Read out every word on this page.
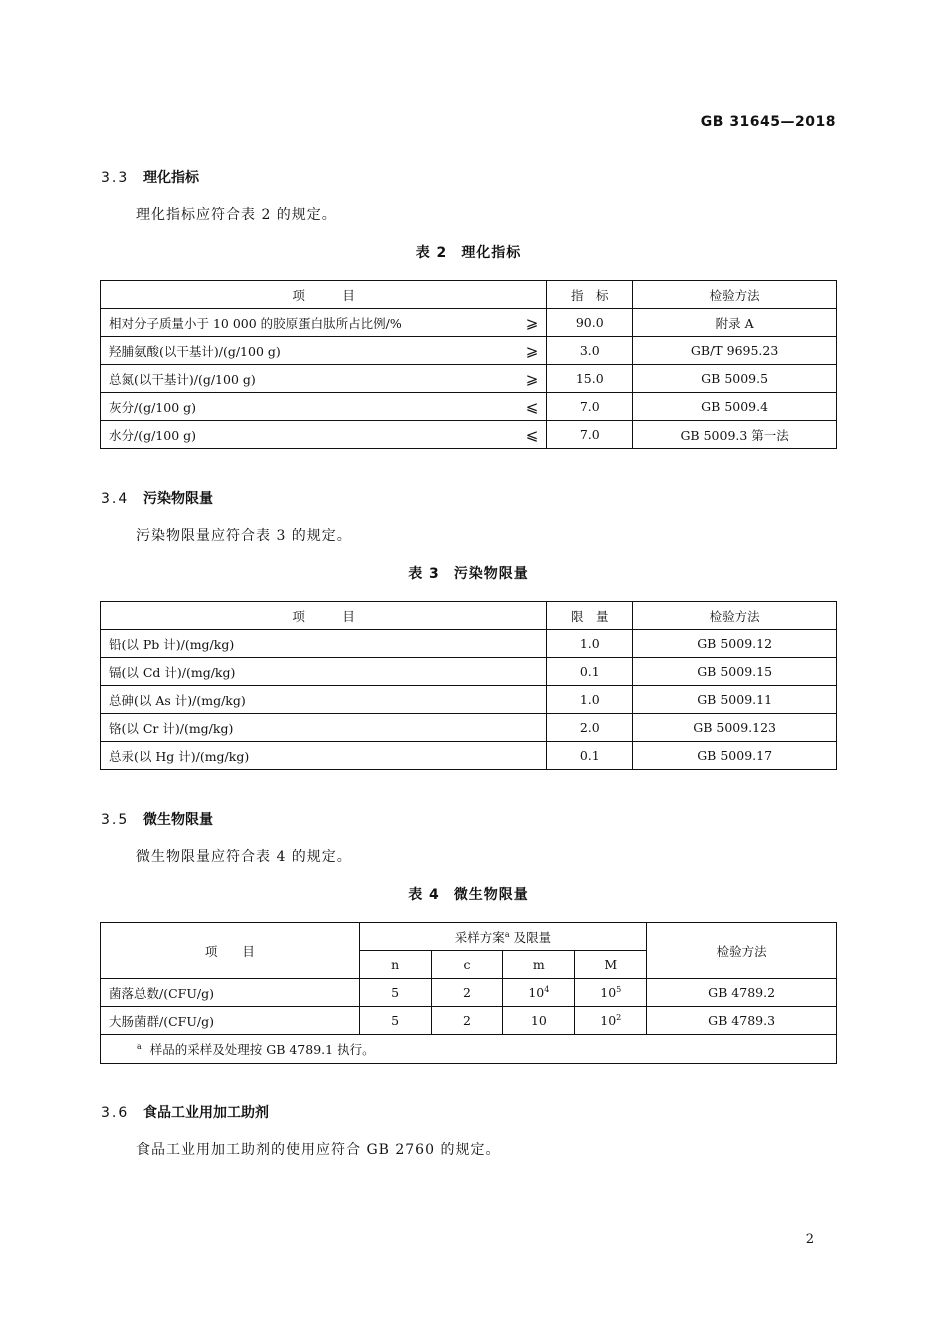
GB 31645—2018
3.3 理化指标
理化指标应符合表 2 的规定。
表 2 理化指标
项　　　目	指　标	检验方法
相对分子质量小于 10 000 的胶原蛋白肽所占比例/% ⩾	90.0	附录 A
羟脯氨酸(以干基计)/(g/100 g) ⩾	3.0	GB/T 9695.23
总氮(以干基计)/(g/100 g) ⩾	15.0	GB 5009.5
灰分/(g/100 g) ⩽	7.0	GB 5009.4
水分/(g/100 g) ⩽	7.0	GB 5009.3 第一法
3.4 污染物限量
污染物限量应符合表 3 的规定。
表 3 污染物限量
项　　　目	限　量	检验方法
铅(以 Pb 计)/(mg/kg)	1.0	GB 5009.12
镉(以 Cd 计)/(mg/kg)	0.1	GB 5009.15
总砷(以 As 计)/(mg/kg)	1.0	GB 5009.11
铬(以 Cr 计)/(mg/kg)	2.0	GB 5009.123
总汞(以 Hg 计)/(mg/kg)	0.1	GB 5009.17
3.5 微生物限量
微生物限量应符合表 4 的规定。
表 4 微生物限量
项　　目	采样方案$^a$ 及限量				检验方法
	n	c	m	M	
菌落总数/(CFU/g)	5	2	$10^4$	$10^5$	GB 4789.2
大肠菌群/(CFU/g)	5	2	10	$10^2$	GB 4789.3
$^a$ 样品的采样及处理按 GB 4789.1 执行。					
3.6 食品工业用加工助剂
食品工业用加工助剂的使用应符合 GB 2760 的规定。
2
